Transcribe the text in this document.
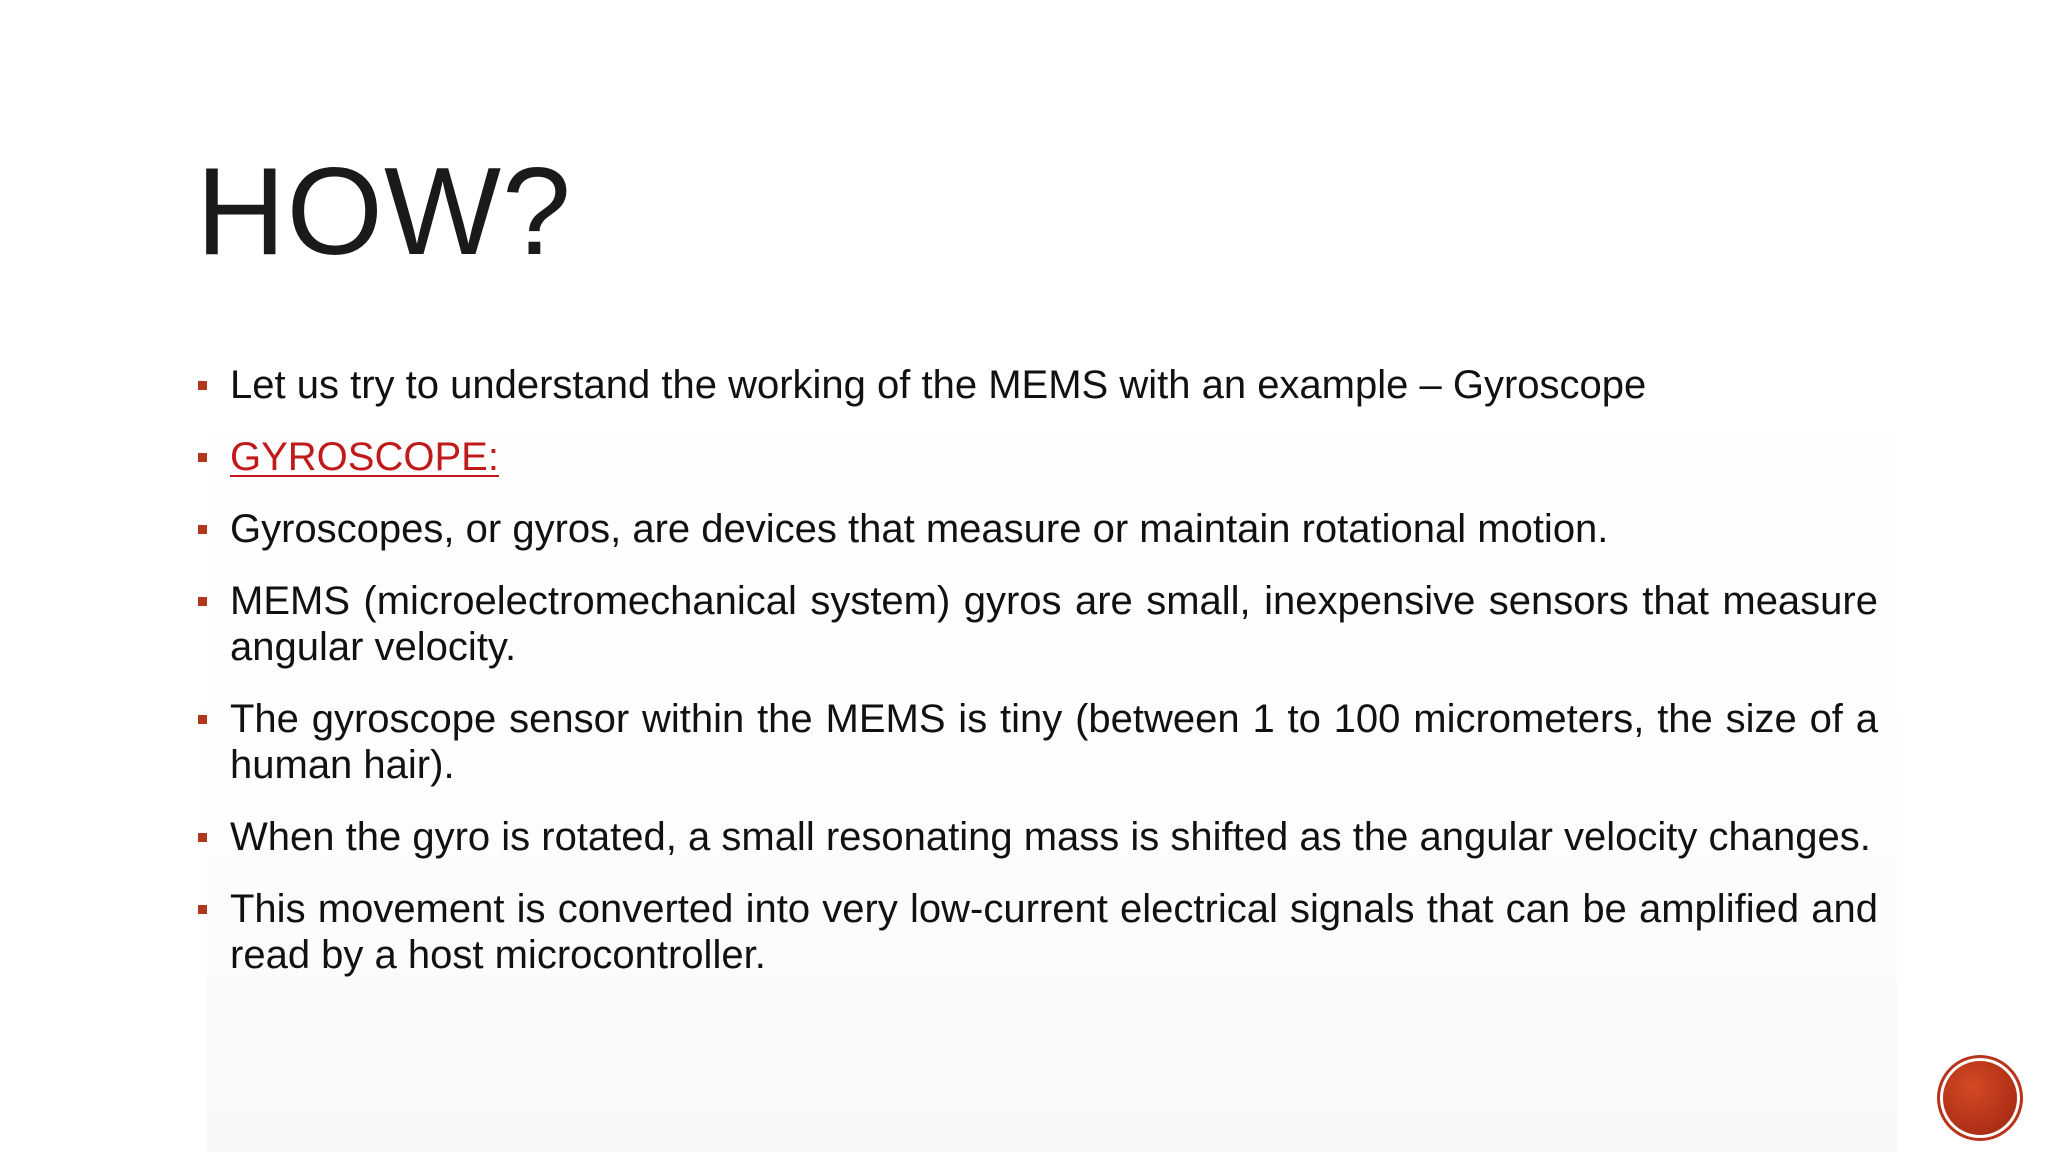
HOW?
Let us try to understand the working of the MEMS with an example – Gyroscope
GYROSCOPE:
Gyroscopes, or gyros, are devices that measure or maintain rotational motion.
MEMS (microelectromechanical system) gyros are small, inexpensive sensors that measure angular velocity.
The gyroscope sensor within the MEMS is tiny (between 1 to 100 micrometers, the size of a human hair).
When the gyro is rotated, a small resonating mass is shifted as the angular velocity changes.
This movement is converted into very low-current electrical signals that can be amplified and read by a host microcontroller.
